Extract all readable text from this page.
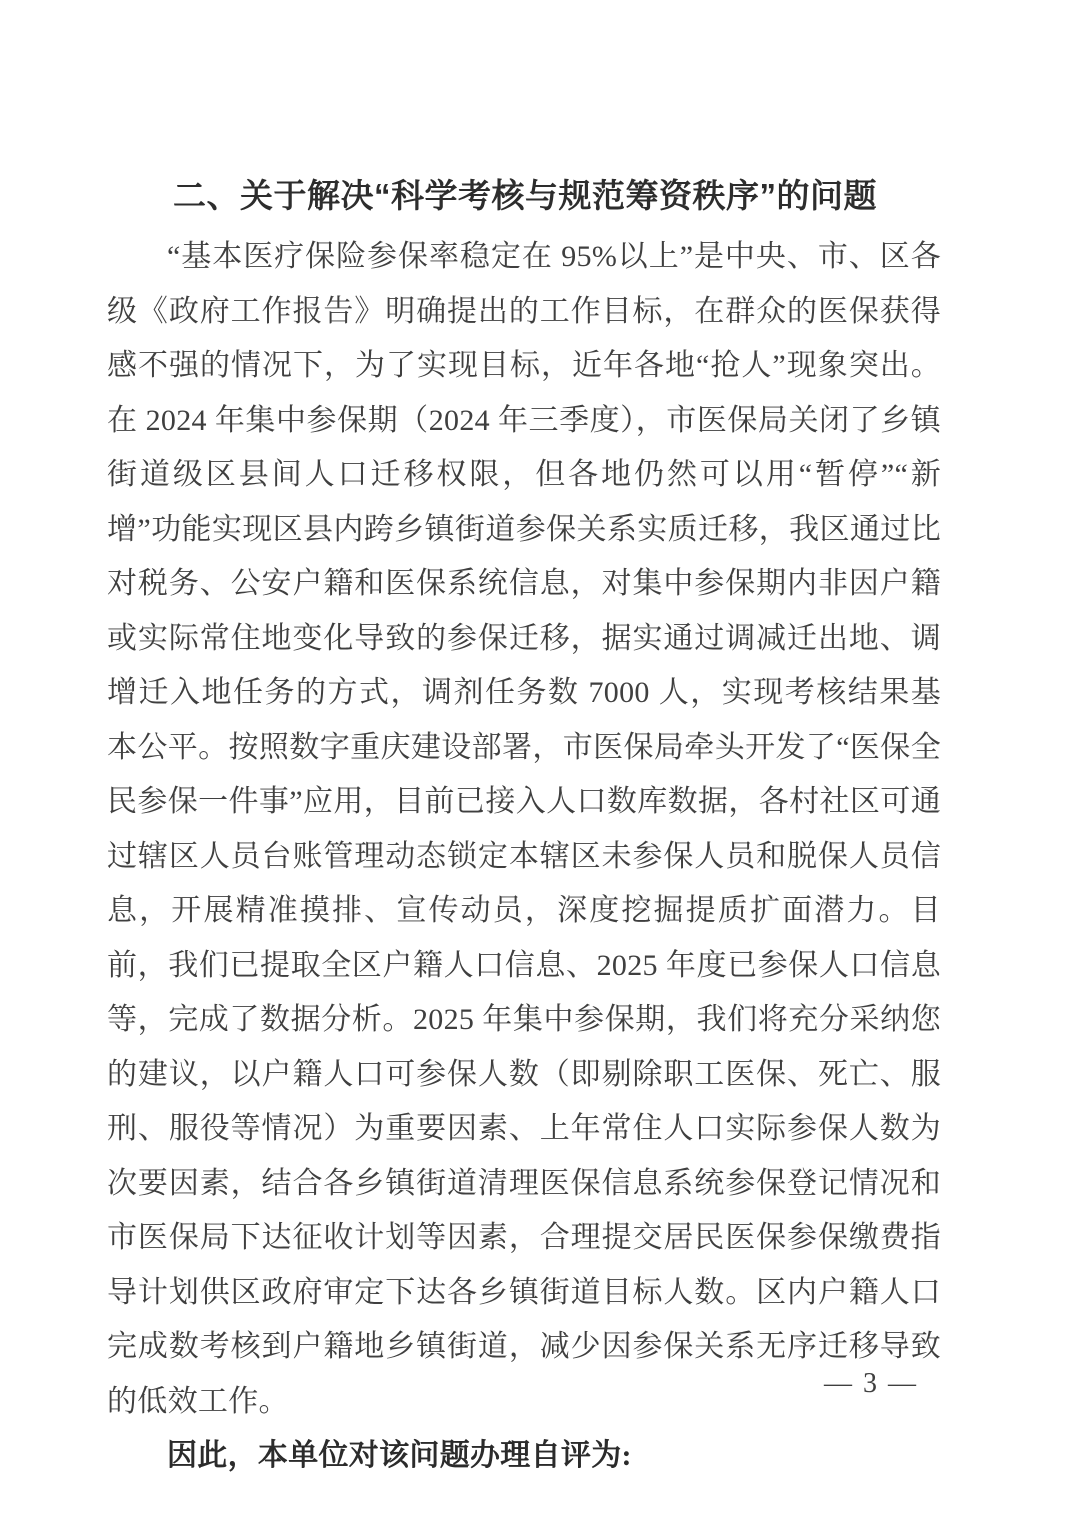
二、关于解决“科学考核与规范筹资秩序”的问题

“基本医疗保险参保率稳定在 95%以上”是中央、市、区各级《政府工作报告》明确提出的工作目标，在群众的医保获得感不强的情况下，为了实现目标，近年各地“抢人”现象突出。在 2024 年集中参保期（2024 年三季度），市医保局关闭了乡镇街道级区县间人口迁移权限，但各地仍然可以用“暂停”“新增”功能实现区县内跨乡镇街道参保关系实质迁移，我区通过比对税务、公安户籍和医保系统信息，对集中参保期内非因户籍或实际常住地变化导致的参保迁移，据实通过调减迁出地、调增迁入地任务的方式，调剂任务数 7000 人，实现考核结果基本公平。按照数字重庆建设部署，市医保局牵头开发了“医保全民参保一件事”应用，目前已接入人口数库数据，各村社区可通过辖区人员台账管理动态锁定本辖区未参保人员和脱保人员信息，开展精准摸排、宣传动员，深度挖掘提质扩面潜力。目前，我们已提取全区户籍人口信息、2025 年度已参保人口信息等，完成了数据分析。2025 年集中参保期，我们将充分采纳您的建议，以户籍人口可参保人数（即剔除职工医保、死亡、服刑、服役等情况）为重要因素、上年常住人口实际参保人数为次要因素，结合各乡镇街道清理医保信息系统参保登记情况和市医保局下达征收计划等因素，合理提交居民医保参保缴费指导计划供区政府审定下达各乡镇街道目标人数。区内户籍人口完成数考核到户籍地乡镇街道，减少因参保关系无序迁移导致的低效工作。

因此，本单位对该问题办理自评为:

— 3 —
